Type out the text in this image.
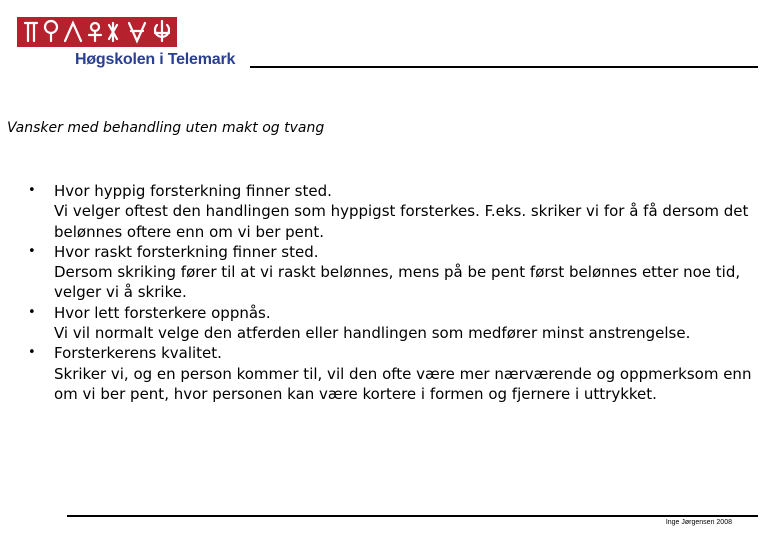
Høgskolen i Telemark
Vansker med behandling uten makt og tvang
• Hvor hyppig forsterkning finner sted.
Vi velger oftest den handlingen som hyppigst forsterkes. F.eks. skriker vi for å få dersom det belønnes oftere enn om vi ber pent.
• Hvor raskt forsterkning finner sted.
Dersom skriking fører til at vi raskt belønnes, mens på be pent først belønnes etter noe tid, velger vi å skrike.
• Hvor lett forsterkere oppnås.
Vi vil normalt velge den atferden eller handlingen som medfører minst anstrengelse.
• Forsterkerens kvalitet.
Skriker vi, og en person kommer til, vil den ofte være mer nærværende og oppmerksom enn om vi ber pent, hvor personen kan være kortere i formen og fjernere i uttrykket.
Inge Jørgensen 2008
